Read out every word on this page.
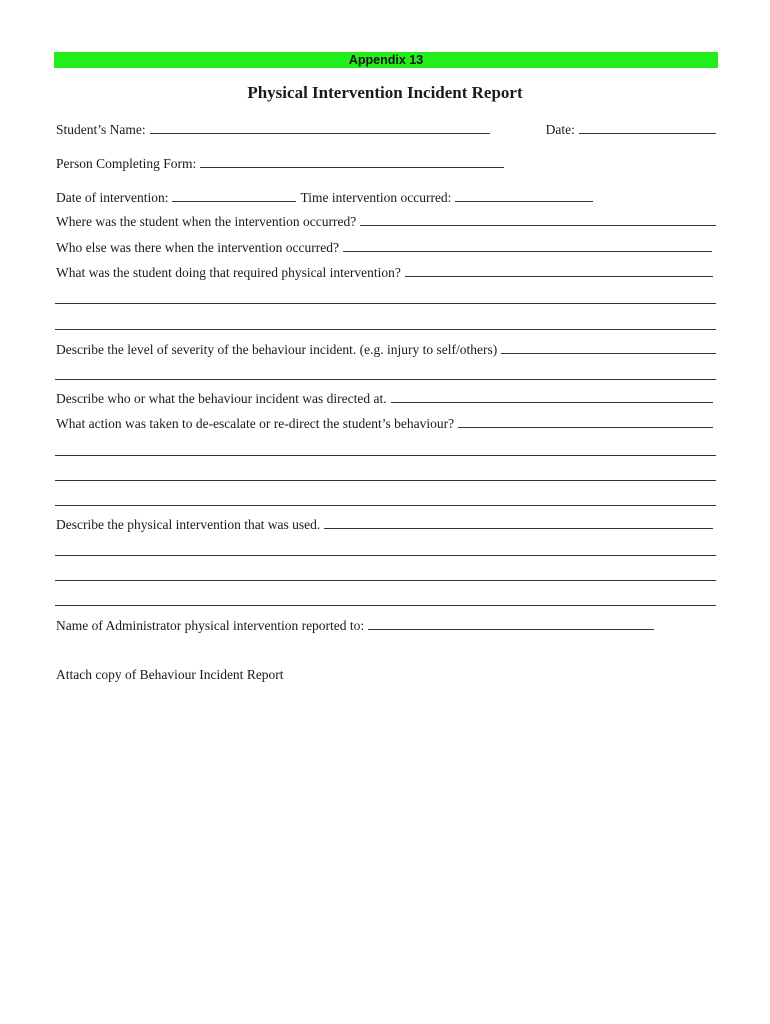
Appendix 13
Physical Intervention Incident Report
Student’s Name:	Date:
Person Completing Form:
Date of intervention:	Time intervention occurred:
Where was the student when the intervention occurred?
Who else was there when the intervention occurred?
What was the student doing that required physical intervention?
Describe the level of severity of the behaviour incident. (e.g. injury to self/others)
Describe who or what the behaviour incident was directed at.
What action was taken to de-escalate or re-direct the student’s behaviour?
Describe the physical intervention that was used.
Name of Administrator physical intervention reported to:
Attach copy of Behaviour Incident Report
